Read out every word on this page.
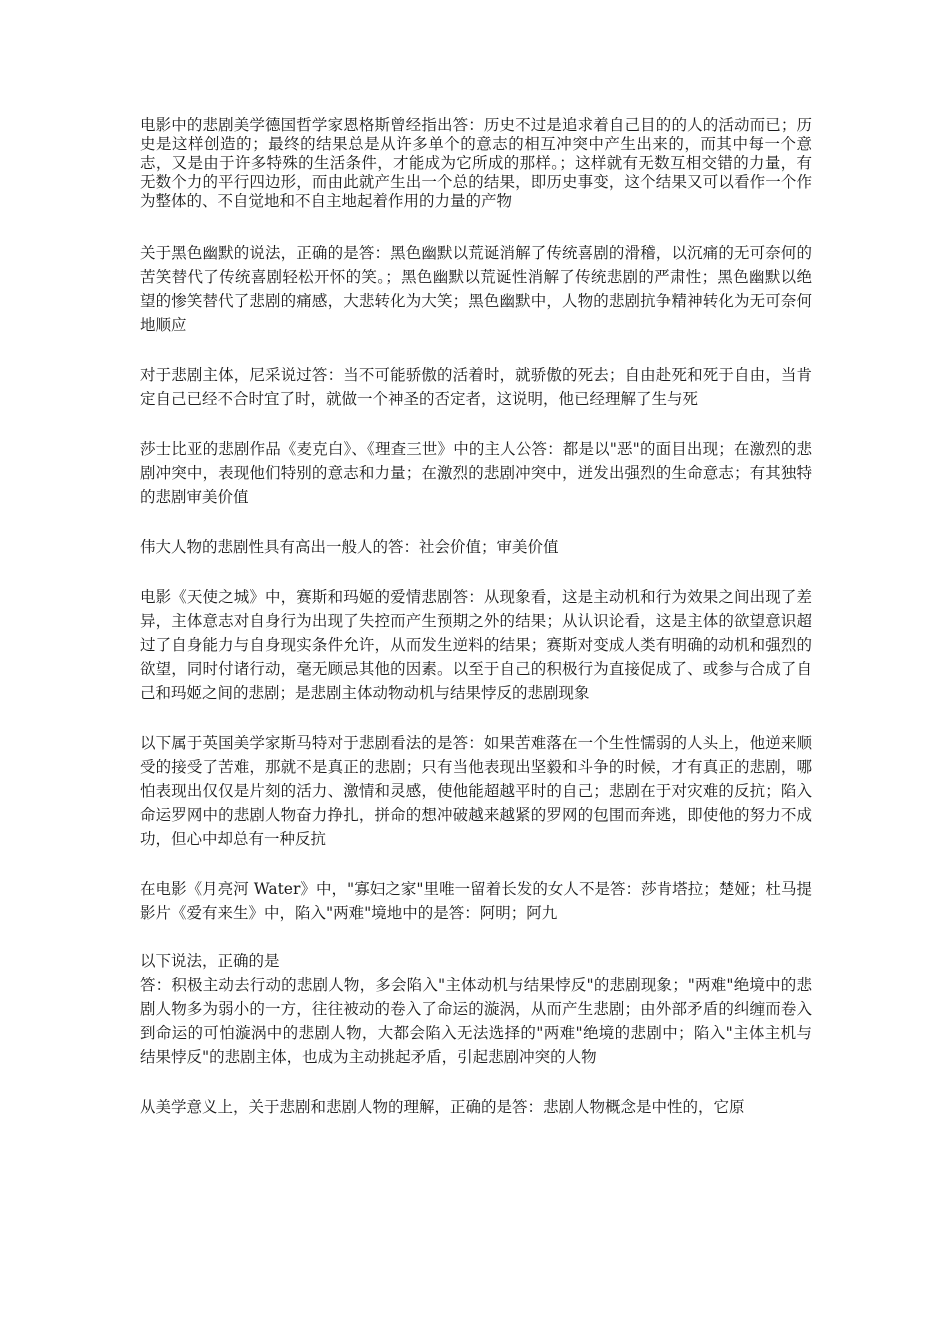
电影中的悲剧美学德国哲学家恩格斯曾经指出答：历史不过是追求着自己目的的人的活动而已；历史是这样创造的；最终的结果总是从许多单个的意志的相互冲突中产生出来的，而其中每一个意志，又是由于许多特殊的生活条件，才能成为它所成的那样。；这样就有无数互相交错的力量，有无数个力的平行四边形，而由此就产生出一个总的结果，即历史事变，这个结果又可以看作一个作为整体的、不自觉地和不自主地起着作用的力量的产物

关于黑色幽默的说法，正确的是答：黑色幽默以荒诞消解了传统喜剧的滑稽，以沉痛的无可奈何的苦笑替代了传统喜剧轻松开怀的笑。；黑色幽默以荒诞性消解了传统悲剧的严肃性；黑色幽默以绝望的惨笑替代了悲剧的痛感，大悲转化为大笑；黑色幽默中，人物的悲剧抗争精神转化为无可奈何地顺应

对于悲剧主体，尼采说过答：当不可能骄傲的活着时，就骄傲的死去；自由赴死和死于自由，当肯定自己已经不合时宜了时，就做一个神圣的否定者，这说明，他已经理解了生与死

莎士比亚的悲剧作品《麦克白》、《理查三世》中的主人公答：都是以"恶"的面目出现；在激烈的悲剧冲突中，表现他们特别的意志和力量；在激烈的悲剧冲突中，迸发出强烈的生命意志；有其独特的悲剧审美价值

伟大人物的悲剧性具有高出一般人的答：社会价值；审美价值

电影《天使之城》中，赛斯和玛姬的爱情悲剧答：从现象看，这是主动机和行为效果之间出现了差异，主体意志对自身行为出现了失控而产生预期之外的结果；从认识论看，这是主体的欲望意识超过了自身能力与自身现实条件允许，从而发生逆料的结果；赛斯对变成人类有明确的动机和强烈的欲望，同时付诸行动，毫无顾忌其他的因素。以至于自己的积极行为直接促成了、或参与合成了自己和玛姬之间的悲剧；是悲剧主体动物动机与结果悖反的悲剧现象

以下属于英国美学家斯马特对于悲剧看法的是答：如果苦难落在一个生性懦弱的人头上，他逆来顺受的接受了苦难，那就不是真正的悲剧；只有当他表现出坚毅和斗争的时候，才有真正的悲剧，哪怕表现出仅仅是片刻的活力、激情和灵感，使他能超越平时的自己；悲剧在于对灾难的反抗；陷入命运罗网中的悲剧人物奋力挣扎，拼命的想冲破越来越紧的罗网的包围而奔逃，即使他的努力不成功，但心中却总有一种反抗

在电影《月亮河 Water》中，"寡妇之家"里唯一留着长发的女人不是答：莎肯塔拉；楚娅；杜马提影片《爱有来生》中，陷入"两难"境地中的是答：阿明；阿九

以下说法，正确的是

答：积极主动去行动的悲剧人物，多会陷入"主体动机与结果悖反"的悲剧现象；"两难"绝境中的悲剧人物多为弱小的一方，往往被动的卷入了命运的漩涡，从而产生悲剧；由外部矛盾的纠缠而卷入到命运的可怕漩涡中的悲剧人物，大都会陷入无法选择的"两难"绝境的悲剧中；陷入"主体主机与结果悖反"的悲剧主体，也成为主动挑起矛盾，引起悲剧冲突的人物

从美学意义上，关于悲剧和悲剧人物的理解，正确的是答：悲剧人物概念是中性的，它原
